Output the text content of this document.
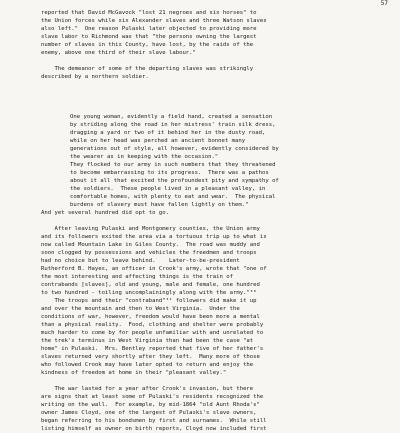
57
reported that David McGavock "lost 21 negroes and six horses" to
the Union forces while six Alexander slaves and three Watson slaves
also left."  One reason Pulaski later objected to providing more
slave labor to Richmond was that "the persons owning the largest
number of slaves in this County, have lost, by the raids of the
enemy, above one third of their slave labour."
The demeanor of some of the departing slaves was strikingly
described by a northern soldier.
One young woman, evidently a field hand, created a sensation
by striding along the road in her mistress' train silk dress,
dragging a yard or two of it behind her in the dusty road,
while on her head was perched an ancient bonnet many
generations out of style, all however, evidently considered by
the wearer as in keeping with the occasion."
They flocked to our army in such numbers that they threatened
to become embarrassing to its progress.  There was a pathos
about it all that excited the profoundest pity and sympathy of
the soldiers.  These people lived in a pleasant valley, in
comfortable homes, with plenty to eat and wear.  The physical
burdens of slavery must have fallen lightly on them."
And yet several hundred did opt to go.
After leaving Pulaski and Montgomery counties, the Union army
and its followers exited the area via a tortuous trip up to what is
now called Mountain Lake in Giles County.  The road was muddy and
soon clogged by possessions and vehicles the freedmen and troops
had no choice but to leave behind.    Later-to-be-president
Rutherford B. Hayes, an officer in Crook's army, wrote that "one of
the most interesting and affecting things is the train of
contrabands [slaves], old and young, male and female, one hundred
to two hundred - toiling uncomplainingly along with the army."³⁰
The troops and their "contraband"³¹ followers did make it up
and over the mountain and then to West Virginia.  Under the
conditions of war, however, freedom would have been more a mental
than a physical reality.  Food, clothing and shelter were probably
much harder to come by for people unfamiliar with and unrelated to
the trek's terminus in West Virginia than had been the case "at
home" in Pulaski.  Mrs. Bentley reported that five of her father's
slaves returned very shortly after they left.  Many more of those
who followed Crook may have later opted to return and enjoy the
kindness of freedom at home in their "pleasant valley."
The war lasted for a year after Crook's invasion, but there
are signs that at least some of Pulaski's residents recognized the
writing on the wall.  For example, by mid-1864 "old Aunt Rhoda's"
owner James Cloyd, one of the largest of Pulaski's slave owners,
began referring to his bondsmen by first and surnames.  While still
listing himself as owner on birth reports, Cloyd now included first
